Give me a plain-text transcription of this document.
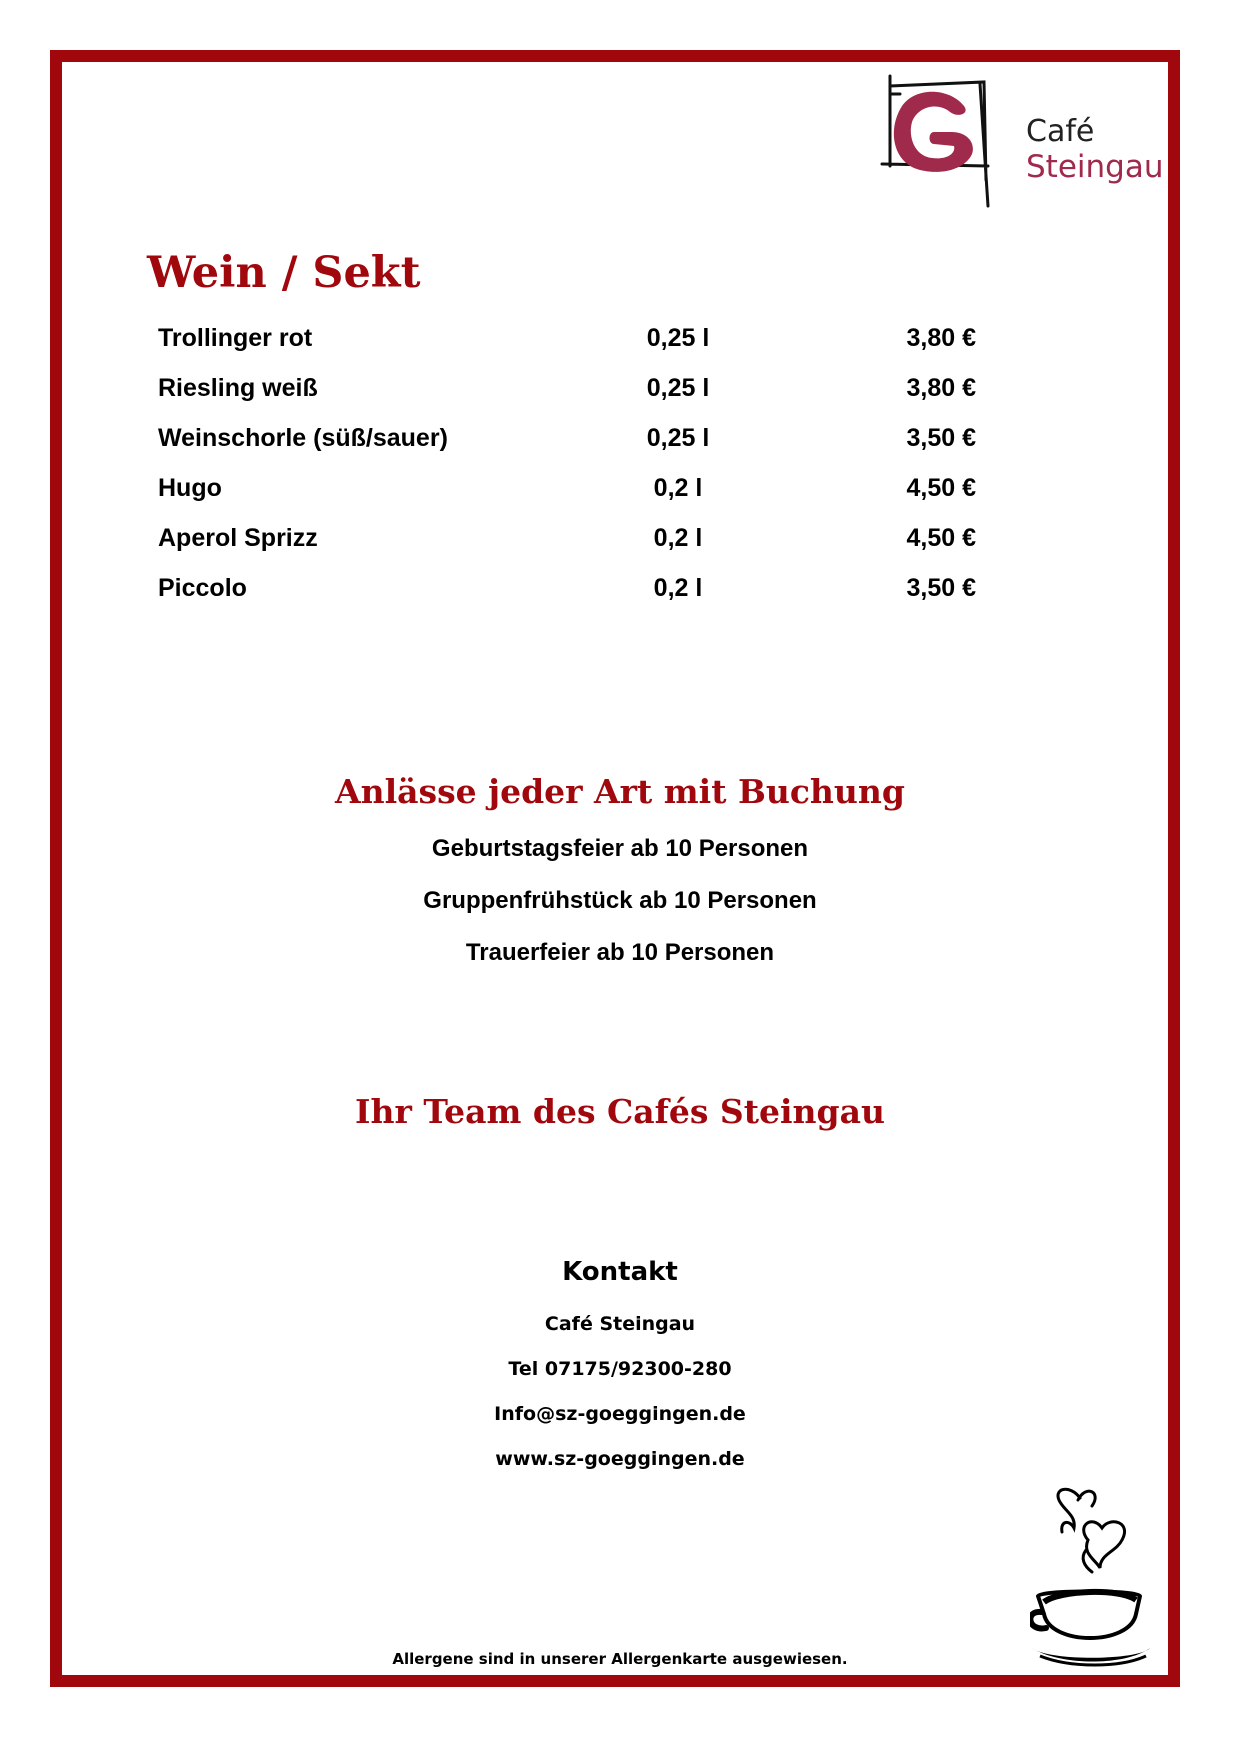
Café
Steingau
Wein / Sekt
Trollinger rot	0,25 l	3,80 €
Riesling weiß	0,25 l	3,80 €
Weinschorle (süß/sauer)	0,25 l	3,50 €
Hugo	0,2 l	4,50 €
Aperol Sprizz	0,2 l	4,50 €
Piccolo	0,2 l	3,50 €
Anlässe jeder Art mit Buchung
Geburtstagsfeier ab 10 Personen
Gruppenfrühstück ab 10 Personen
Trauerfeier ab 10 Personen
Ihr Team des Cafés Steingau
Kontakt
Café Steingau
Tel 07175/92300-280
Info@sz-goeggingen.de
www.sz-goeggingen.de
Allergene sind in unserer Allergenkarte ausgewiesen.
